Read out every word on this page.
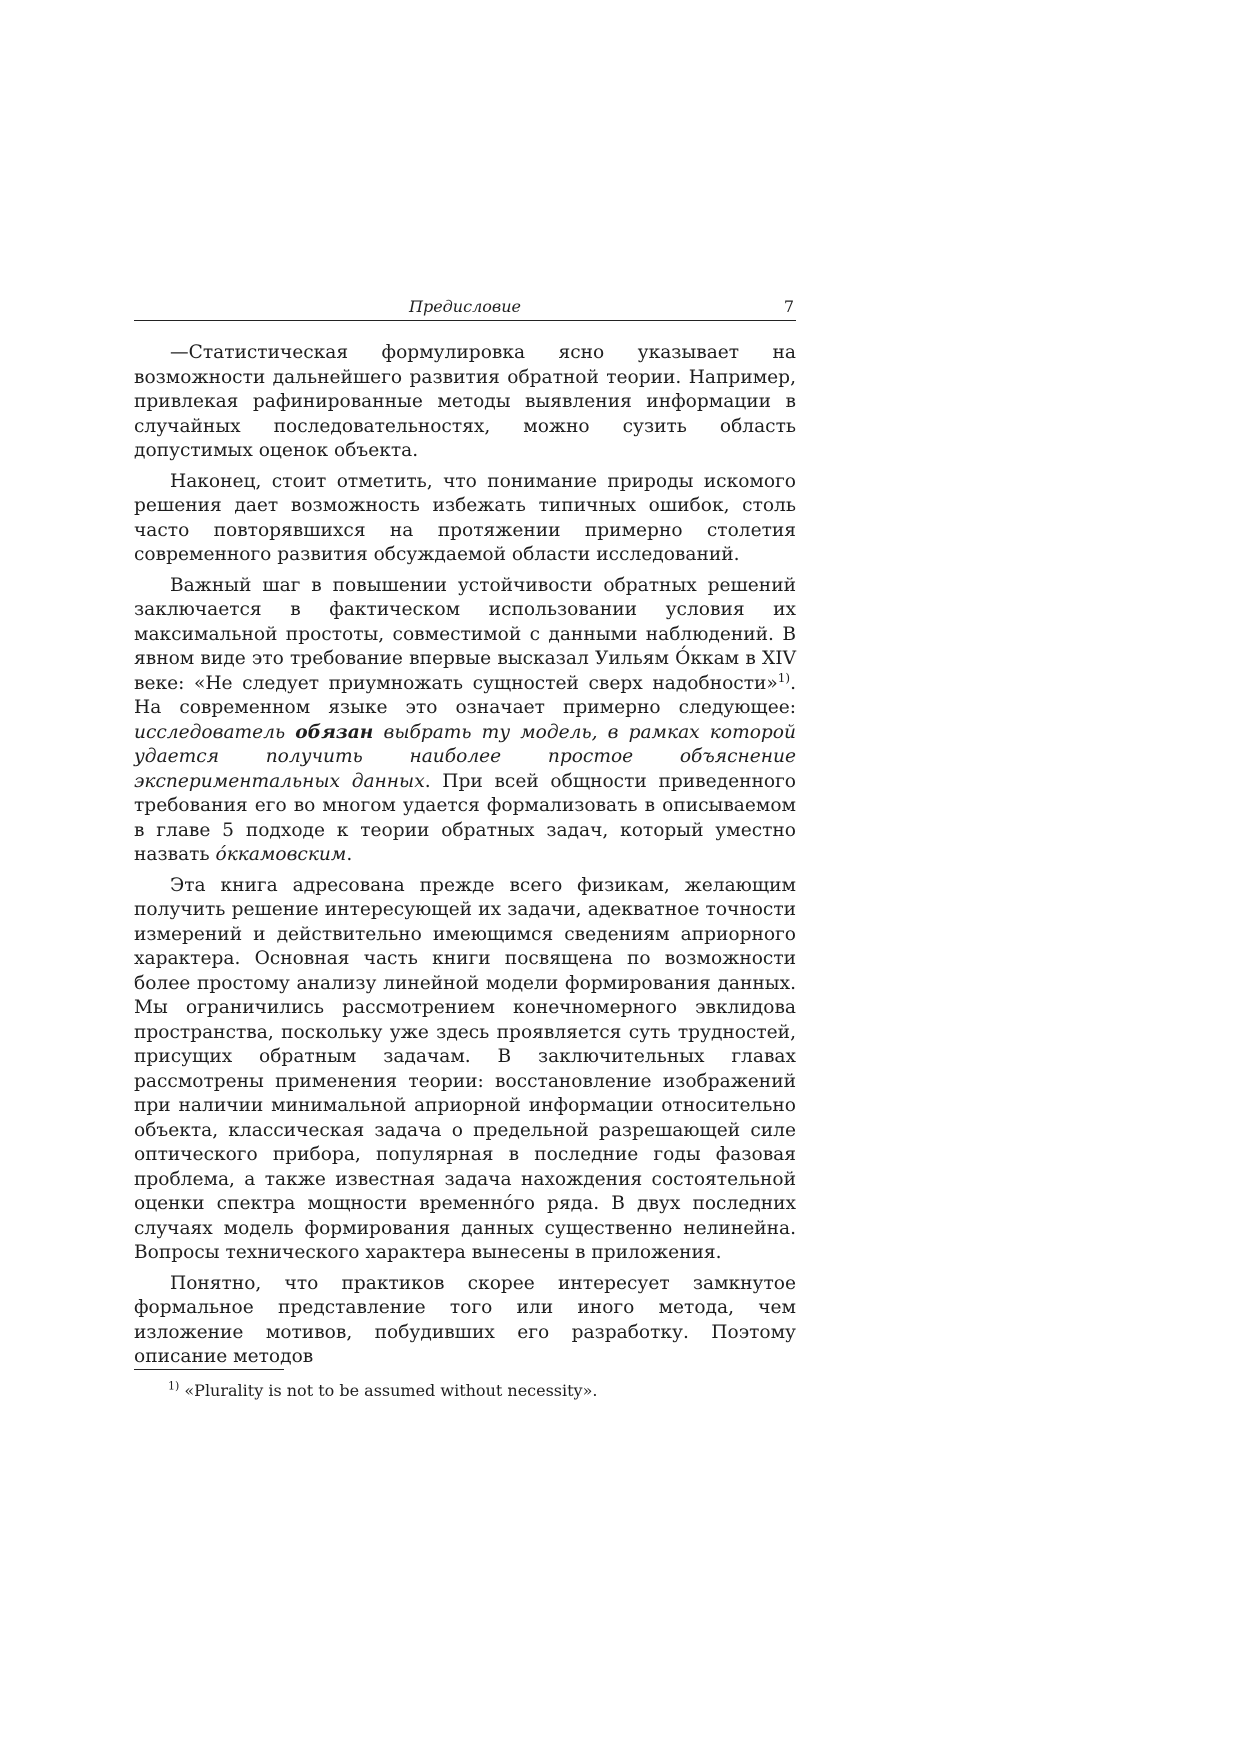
Предисловие	7

—Статистическая формулировка ясно указывает на возможности дальнейшего развития обратной теории. Например, привлекая рафинированные методы выявления информации в случайных последовательностях, можно сузить область допустимых оценок объекта.

Наконец, стоит отметить, что понимание природы искомого решения дает возможность избежать типичных ошибок, столь часто повторявшихся на протяжении примерно столетия современного развития обсуждаемой области исследований.

Важный шаг в повышении устойчивости обратных решений заключается в фактическом использовании условия их максимальной простоты, совместимой с данными наблюдений. В явном виде это требование впервые высказал Уильям О́ккам в XIV веке: «Не следует приумножать сущностей сверх надобности»$^{1)}$. На современном языке это означает примерно следующее: исследователь обязан выбрать ту модель, в рамках которой удается получить наиболее простое объяснение экспериментальных данных. При всей общности приведенного требования его во многом удается формализовать в описываемом в главе 5 подходе к теории обратных задач, который уместно назвать о́ккамовским.

Эта книга адресована прежде всего физикам, желающим получить решение интересующей их задачи, адекватное точности измерений и действительно имеющимся сведениям априорного характера. Основная часть книги посвящена по возможности более простому анализу линейной модели формирования данных. Мы ограничились рассмотрением конечномерного эвклидова пространства, поскольку уже здесь проявляется суть трудностей, присущих обратным задачам. В заключительных главах рассмотрены применения теории: восстановление изображений при наличии минимальной априорной информации относительно объекта, классическая задача о предельной разрешающей силе оптического прибора, популярная в последние годы фазовая проблема, а также известная задача нахождения состоятельной оценки спектра мощности временно́го ряда. В двух последних случаях модель формирования данных существенно нелинейна. Вопросы технического характера вынесены в приложения.

Понятно, что практиков скорее интересует замкнутое формальное представление того или иного метода, чем изложение мотивов, побудивших его разработку. Поэтому описание методов

$^{1)}$ «Plurality is not to be assumed without necessity».
